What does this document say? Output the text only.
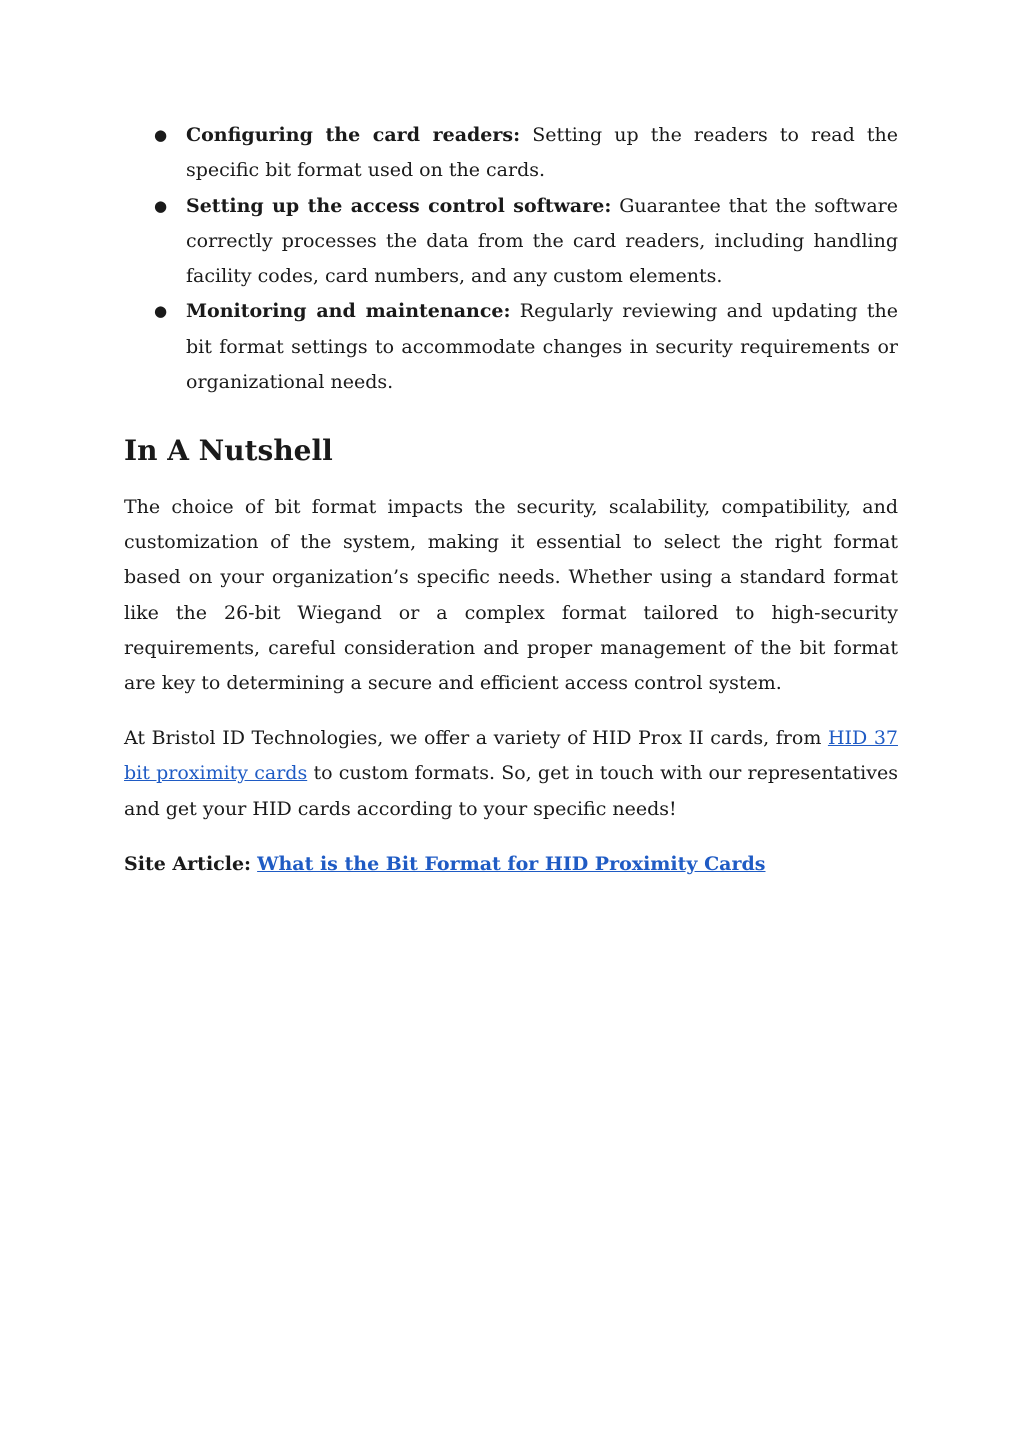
● Configuring the card readers: Setting up the readers to read the specific bit format used on the cards.
● Setting up the access control software: Guarantee that the software correctly processes the data from the card readers, including handling facility codes, card numbers, and any custom elements.
● Monitoring and maintenance: Regularly reviewing and updating the bit format settings to accommodate changes in security requirements or organizational needs.
In A Nutshell

The choice of bit format impacts the security, scalability, compatibility, and customization of the system, making it essential to select the right format based on your organization’s specific needs. Whether using a standard format like the 26-bit Wiegand or a complex format tailored to high-security requirements, careful consideration and proper management of the bit format are key to determining a secure and efficient access control system.

At Bristol ID Technologies, we offer a variety of HID Prox II cards, from HID 37 bit proximity cards to custom formats. So, get in touch with our representatives and get your HID cards according to your specific needs!

Site Article: What is the Bit Format for HID Proximity Cards
